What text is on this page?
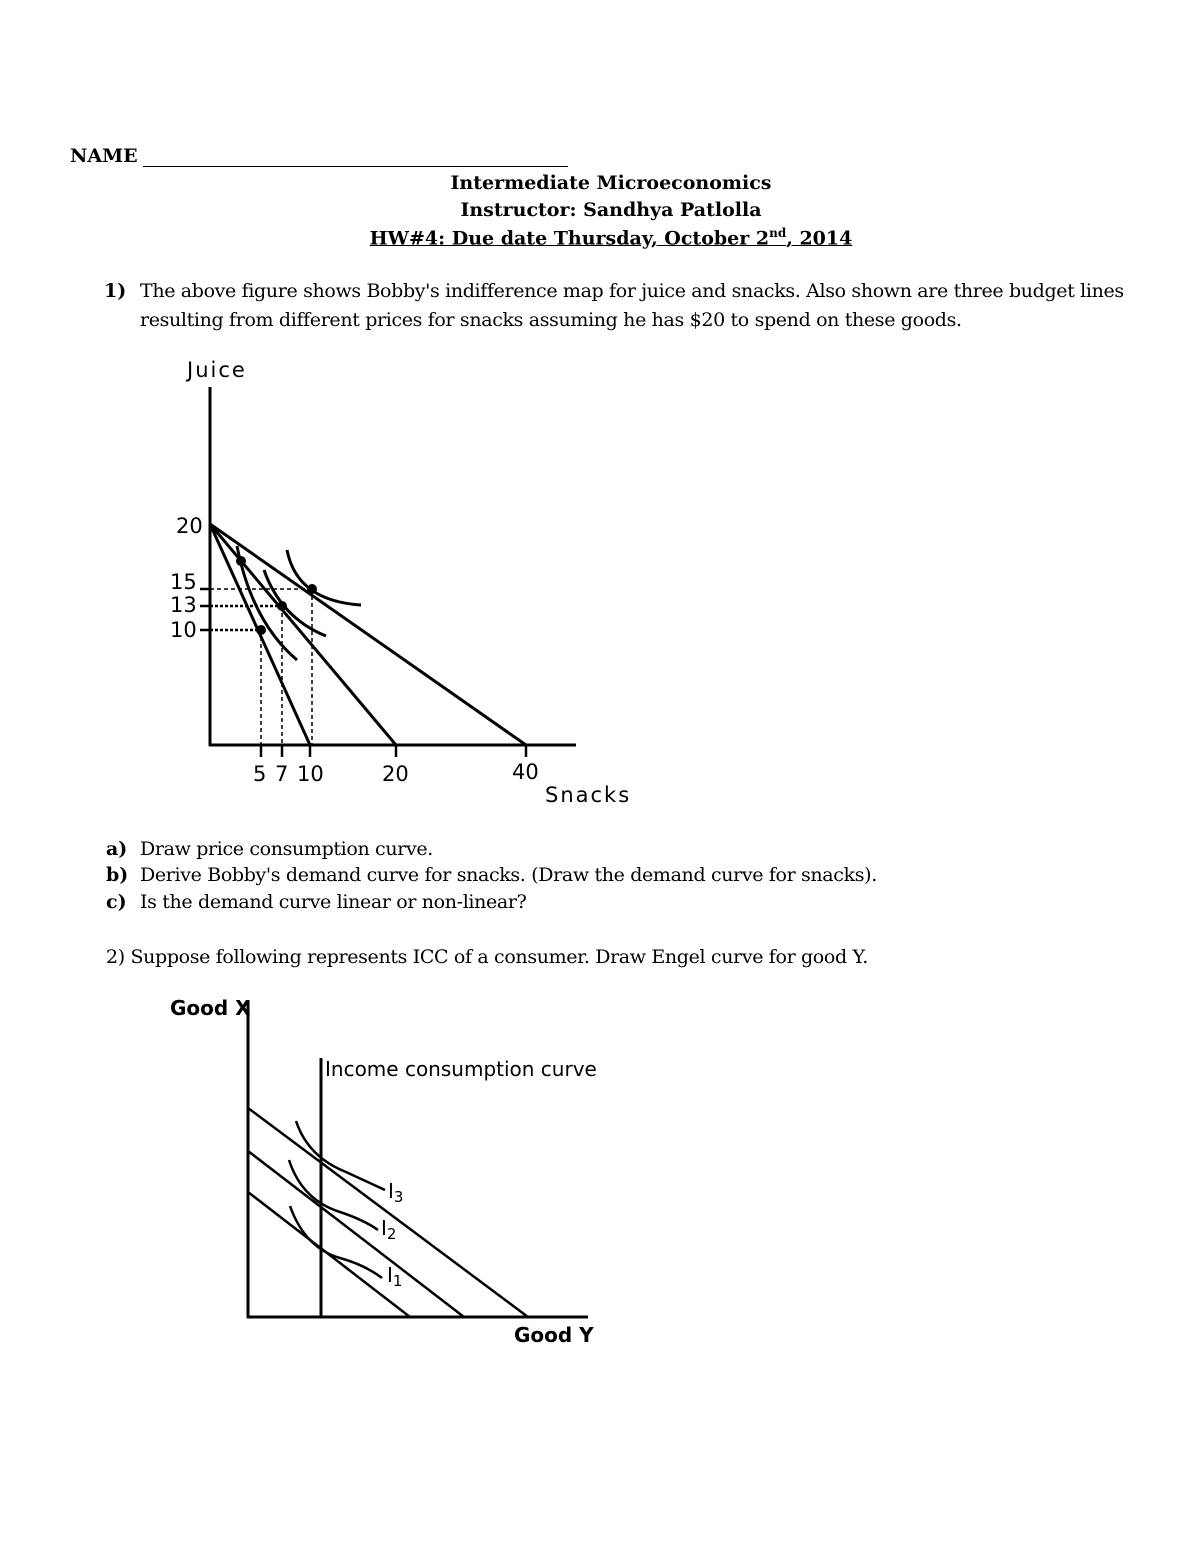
NAME
Intermediate Microeconomics
Instructor: Sandhya Patlolla
HW#4: Due date Thursday, October 2nd, 2014
1) The above figure shows Bobby's indifference map for juice and snacks. Also shown are three budget lines
resulting from different prices for snacks assuming he has $20 to spend on these goods.
Juice
20
15
13
10
5 7 10	20	40
Snacks
a) Draw price consumption curve.
b) Derive Bobby's demand curve for snacks. (Draw the demand curve for snacks).
c) Is the demand curve linear or non-linear?
2) Suppose following represents ICC of a consumer. Draw Engel curve for good Y.
Good X
Income consumption curve
$I_3$
$I_2$
$I_1$
Good Y
